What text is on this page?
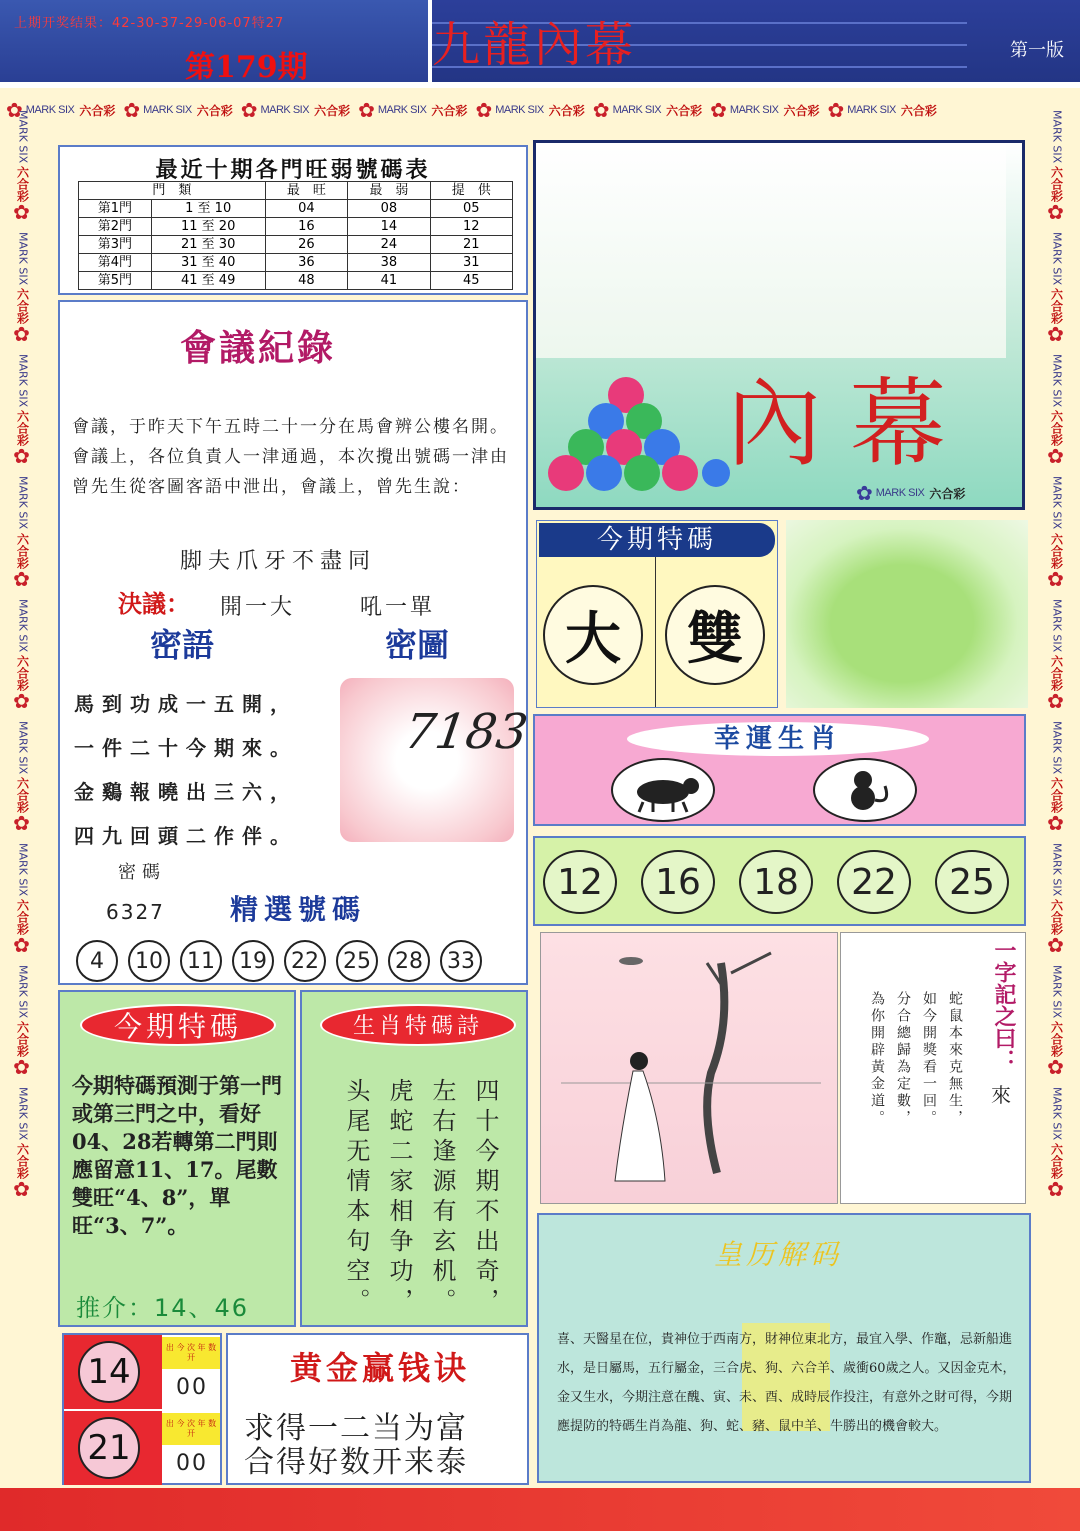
上期开奖结果：42-30-37-29-06-07特27
第179期	九龍內幕	第一版
✿ MARK SIX 六合彩 ✿ MARK SIX 六合彩 ✿ MARK SIX 六合彩 ✿ MARK SIX 六合彩 ✿ MARK SIX 六合彩 ✿ MARK SIX 六合彩 ✿ MARK SIX 六合彩 ✿ MARK SIX 六合彩
MARK SIX
六合彩
✿
MARK SIX
六合彩
✿
MARK SIX
六合彩
✿
MARK SIX
六合彩
✿
MARK SIX
六合彩
✿
MARK SIX
六合彩
✿
MARK SIX
六合彩
✿
MARK SIX
六合彩
✿
MARK SIX
六合彩
✿
MARK SIX
六合彩
✿
MARK SIX
六合彩
✿
MARK SIX
六合彩
✿
MARK SIX
六合彩
✿
MARK SIX
六合彩
✿
MARK SIX
六合彩
✿
MARK SIX
六合彩
✿
MARK SIX
六合彩
✿
MARK SIX
六合彩
✿
最近十期各門旺弱號碼表
門　類		最　旺	最　弱	提　供
第1門	1 至 10	04	08	05
第2門	11 至 20	16	14	12
第3門	21 至 30	26	24	21
第4門	31 至 40	36	38	31
第5門	41 至 49	48	41	45
會議紀錄
會議，于昨天下午五時二十一分在馬會辨公樓名開。會議上，各位負責人一津通過，本次攪出號碼一津由曾先生從客圖客語中泄出，會議上，曾先生說：
脚夫爪牙不盡同
決議： 開一大	吼一單
密語	密圖
馬到功成一五開，
一件二十今期來。
金鷄報曉出三六，
四九回頭二作伴。
7183
密碼
6327 精選號碼
4	10	11	19	22	25	28	33
內幕
✿ MARK SIX 六合彩
今期特碼
大	雙
幸運生肖
12	16	18	22	25
一字記之曰：
來
蛇鼠本來克無生，
如今開獎看一回。
分合總歸為定數，
為你開辟黃金道。
皇历解码
喜、天醫星在位，貴神位于西南方，財神位東北方，最宜入學、作竈，忌新船進水，是日屬馬，五行屬金，三合虎、狗、六合羊、歲衝60歲之人。又因金克木，金又生水，今期注意在醜、寅、未、酉、成時辰作投注，有意外之財可得，今期應提防的特碼生肖為龍、狗、蛇、豬、鼠中羊、牛勝出的機會較大。
今期特碼
今期特碼預測于第一門或第三門之中，看好04、28若轉第二門則應留意11、17。尾數雙旺“4、8”，單旺“3、7”。
推介：14、46
生肖特碼詩
四十今期不出奇，
左右逢源有玄机。
虎蛇二家相争功，
头尾无情本句空。
14
21
出 今 次 年 数 开
出 今 次 年 数 开
00
00
黄金赢钱诀
求得一二当为富
合得好数开来泰
